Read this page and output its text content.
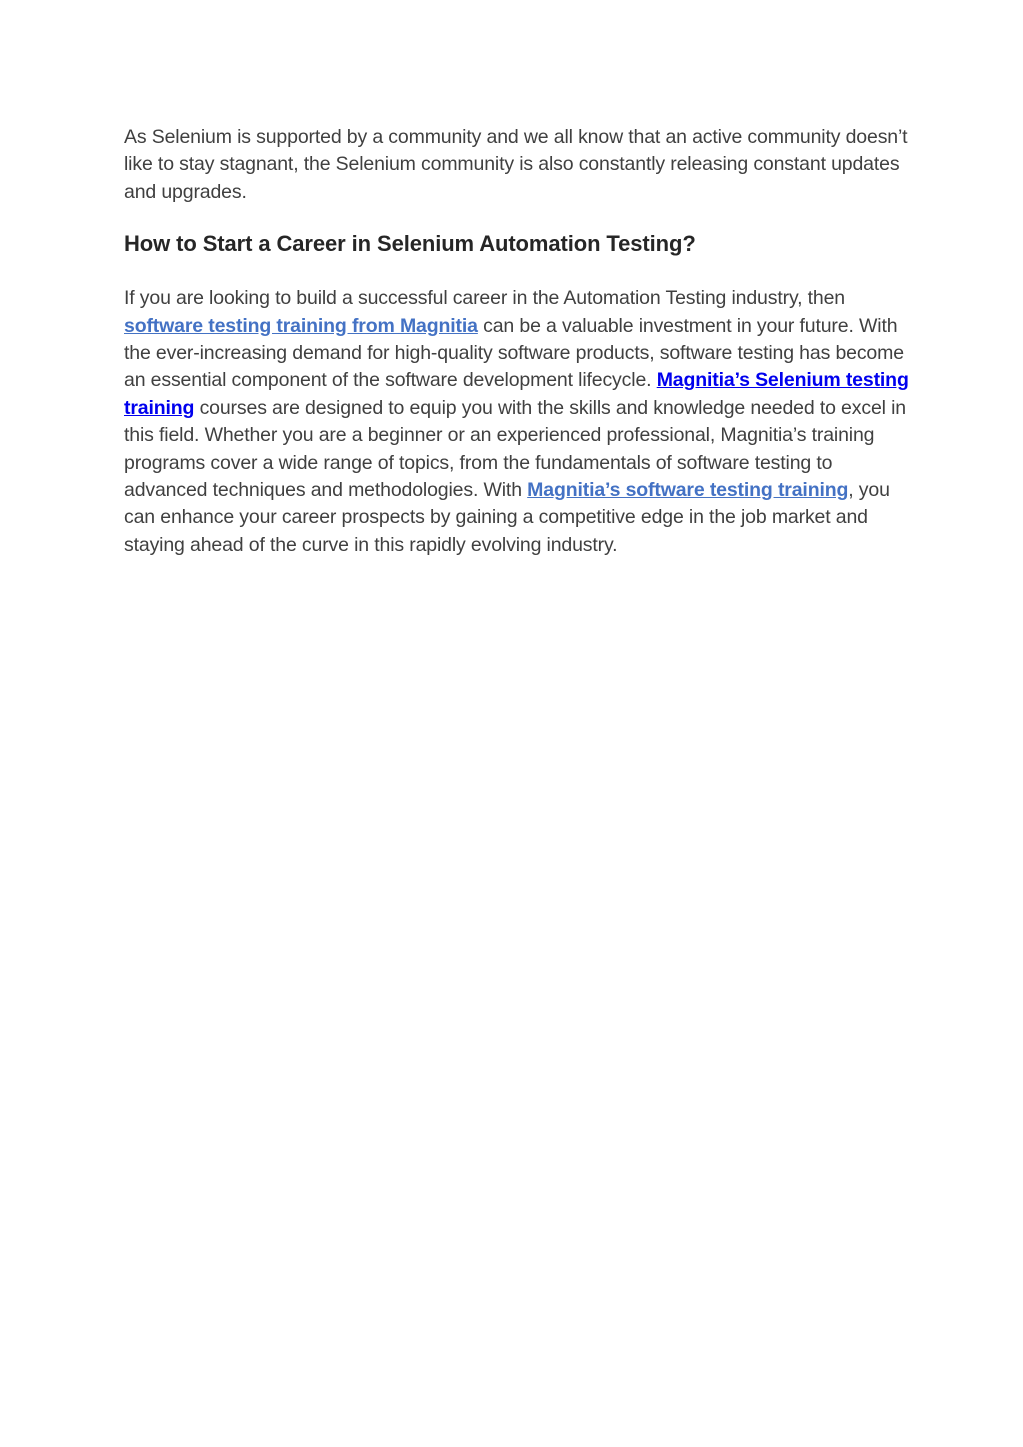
As Selenium is supported by a community and we all know that an active community doesn’t like to stay stagnant, the Selenium community is also constantly releasing constant updates and upgrades.

How to Start a Career in Selenium Automation Testing?

If you are looking to build a successful career in the Automation Testing industry, then software testing training from Magnitia can be a valuable investment in your future. With the ever-increasing demand for high-quality software products, software testing has become an essential component of the software development lifecycle. Magnitia’s Selenium testing training courses are designed to equip you with the skills and knowledge needed to excel in this field. Whether you are a beginner or an experienced professional, Magnitia’s training programs cover a wide range of topics, from the fundamentals of software testing to advanced techniques and methodologies. With Magnitia’s software testing training, you can enhance your career prospects by gaining a competitive edge in the job market and staying ahead of the curve in this rapidly evolving industry.
